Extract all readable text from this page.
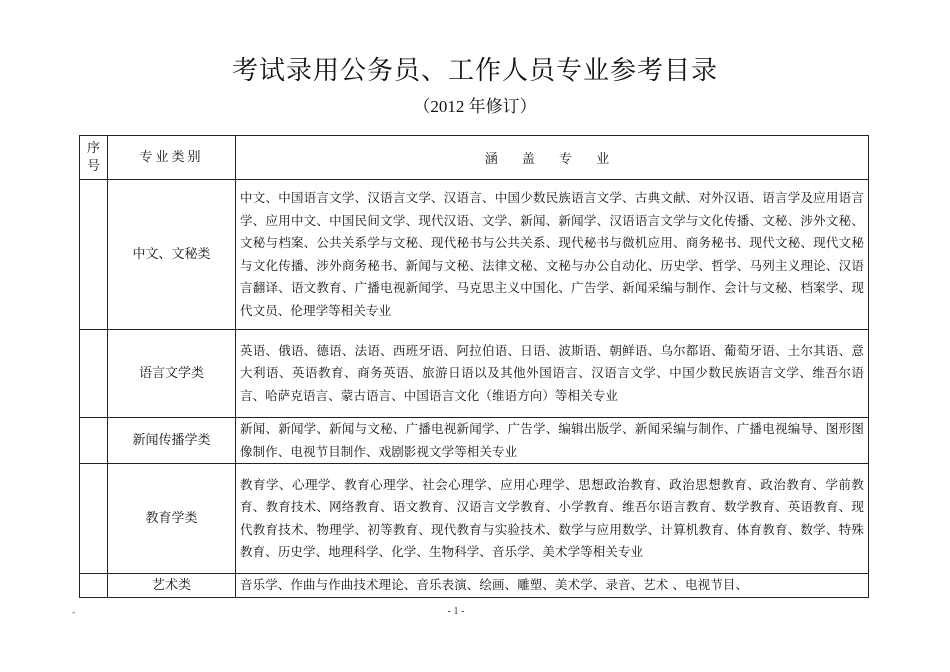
考试录用公务员、工作人员专业参考目录
（2012 年修订）
序号	专业类别	涵 盖 专 业
	中文、文秘类	中文、中国语言文学、汉语言文学、汉语言、中国少数民族语言文学、古典文献、对外汉语、语言学及应用语言学、应用中文、中国民间文学、现代汉语、文学、新闻、新闻学、汉语语言文学与文化传播、文秘、涉外文秘、文秘与档案、公共关系学与文秘、现代秘书与公共关系、现代秘书与微机应用、商务秘书、现代文秘、现代文秘与文化传播、涉外商务秘书、新闻与文秘、法律文秘、文秘与办公自动化、历史学、哲学、马列主义理论、汉语言翻译、语文教育、广播电视新闻学、马克思主义中国化、广告学、新闻采编与制作、会计与文秘、档案学、现代文员、伦理学等相关专业
	语言文学类	英语、俄语、德语、法语、西班牙语、阿拉伯语、日语、波斯语、朝鲜语、乌尔都语、葡萄牙语、土尔其语、意大利语、英语教育、商务英语、旅游日语以及其他外国语言、汉语言文学、中国少数民族语言文学、维吾尔语言、哈萨克语言、蒙古语言、中国语言文化（维语方向）等相关专业
	新闻传播学类	新闻、新闻学、新闻与文秘、广播电视新闻学、广告学、编辑出版学、新闻采编与制作、广播电视编导、图形图像制作、电视节目制作、戏剧影视文学等相关专业
	教育学类	教育学、心理学、教育心理学、社会心理学、应用心理学、思想政治教育、政治思想教育、政治教育、学前教育、教育技术、网络教育、语文教育、汉语言文学教育、小学教育、维吾尔语言教育、数学教育、英语教育、现代教育技术、物理学、初等教育、现代教育与实验技术、数学与应用数学、计算机教育、体育教育、数学、特殊教育、历史学、地理科学、化学、生物科学、音乐学、美术学等相关专业
	艺术类	音乐学、作曲与作曲技术理论、音乐表演、绘画、雕塑、美术学、录音、艺术 、电视节目、
-	- 1 -
